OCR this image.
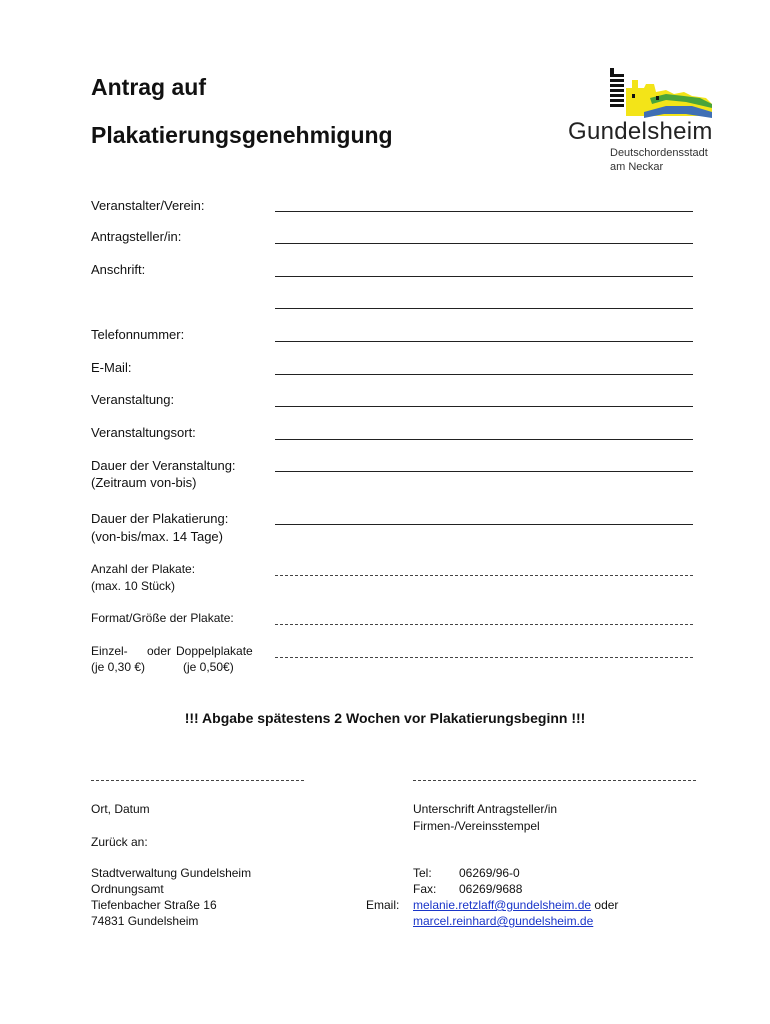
Antrag auf
Plakatierungsgenehmigung	Gundelsheim
Deutschordensstadt
am Neckar
Veranstalter/Verein:
Antragsteller/in:
Anschrift:
Telefonnummer:
E-Mail:
Veranstaltung:
Veranstaltungsort:
Dauer der Veranstaltung:
(Zeitraum von-bis)
Dauer der Plakatierung:
(von-bis/max. 14 Tage)
Anzahl der Plakate:
(max. 10 Stück)
Format/Größe der Plakate:
Einzel- oder Doppelplakate
(je 0,30 €)	(je 0,50€)
!!! Abgabe spätestens 2 Wochen vor Plakatierungsbeginn !!!
Ort, Datum	Unterschrift Antragsteller/in
Firmen-/Vereinsstempel
Zurück an:
Stadtverwaltung Gundelsheim
Ordnungsamt
Tiefenbacher Straße 16
74831 Gundelsheim
Tel: 06269/96-0
Fax: 06269/9688
Email: melanie.retzlaff@gundelsheim.de oder
marcel.reinhard@gundelsheim.de
